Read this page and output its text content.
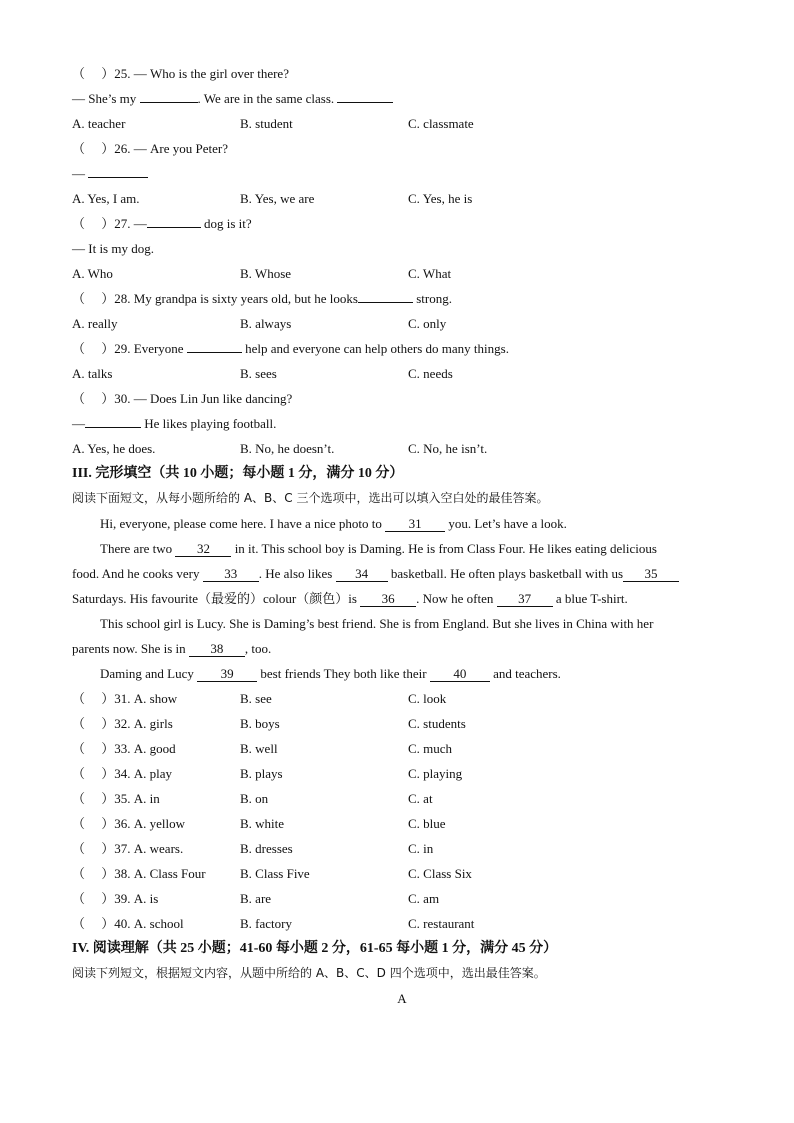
（ 　）25. — Who is the girl over there?
— She’s my	. We are in the same class.
A. teacher	B. student	C. classmate
（ 　）26. — Are you Peter?
—
A. Yes, I am.	B. Yes, we are	C. Yes, he is
（ 　）27. —	dog is it?
— It is my dog.
A. Who	B. Whose	C. What
（ 　）28. My grandpa is sixty years old, but he looks	strong.
A. really	B. always	C. only
（ 　）29. Everyone	help and everyone can help others do many things.
A. talks	B. sees	C. needs
（ 　）30. — Does Lin Jun like dancing?
—	He likes playing football.
A. Yes, he does.	B. No, he doesn’t.	C. No, he isn’t.
III. 完形填空（共 10 小题；每小题 1 分，满分 10 分）
阅读下面短文，从每小题所给的 A、B、C 三个选项中，选出可以填入空白处的最佳答案。
Hi, everyone, please come here. I have a nice photo to 31 you. Let’s have a look.
There are two 32 in it. This school boy is Daming. He is from Class Four. He likes eating delicious
food. And he cooks very 33 . He also likes 34 basketball. He often plays basketball with us 35
Saturdays. His favourite（最爱的）colour（颜色）is 36 . Now he often 37 a blue T-shirt.
This school girl is Lucy. She is Daming’s best friend. She is from England. But she lives in China with her
parents now. She is in 38 , too.
Daming and Lucy 39 best friends They both like their 40 and teachers.
（ 　）31. A. show	B. see	C. look
（ 　）32. A. girls	B. boys	C. students
（ 　）33. A. good	B. well	C. much
（ 　）34. A. play	B. plays	C. playing
（ 　）35. A. in	B. on	C. at
（ 　）36. A. yellow	B. white	C. blue
（ 　）37. A. wears.	B. dresses	C. in
（ 　）38. A. Class Four	B. Class Five	C. Class Six
（ 　）39. A. is	B. are	C. am
（ 　）40. A. school	B. factory	C. restaurant
IV. 阅读理解（共 25 小题；41-60 每小题 2 分，61-65 每小题 1 分，满分 45 分）
阅读下列短文，根据短文内容，从题中所给的 A、B、C、D 四个选项中，选出最佳答案。
A
